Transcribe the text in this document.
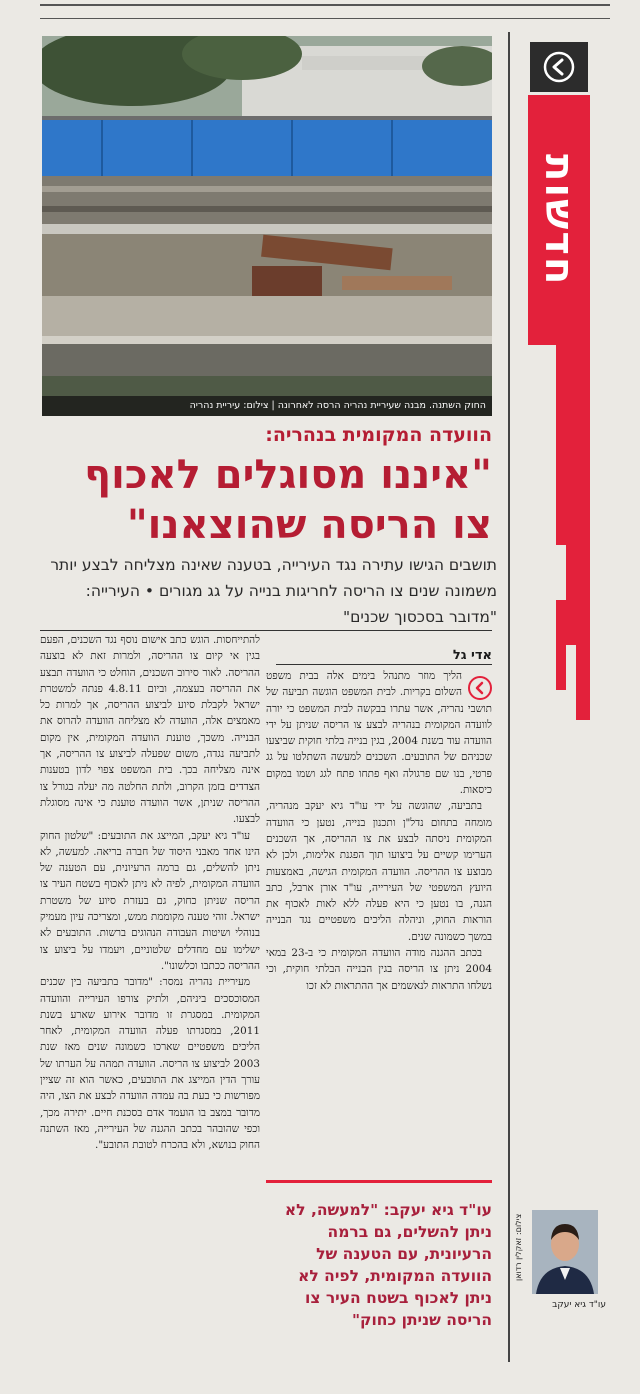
חדשות
החוק השתנה. מבנה שעיריית נהריה הרסה לאחרונה | צילום: עיריית נהריה
הוועדה המקומית בנהריה:
"איננו מסוגלים לאכוף
צו הריסה שהוצאנו"
תושבים הגישו עתירה נגד העירייה, בטענה שאינה מצליחה לבצע יותר משמונה שנים צו הריסה לחריגות בנייה על גג מגורים • העירייה: "מדובר בסכסוך שכנים"
אדי גל

הליך מוזר מתנהל בימים אלה בבית משפט השלום בקריות. לבית המשפט הוגשה תביעה של תושבי נהריה, אשר עתרו בבקשה לבית המשפט כי יורה לוועדה המקומית בנהריה לבצע צו הריסה שניתן על ידי הוועדה עוד בשנת 2004, בגין בנייה בלתי חוקית שביצעו שכניהם של התובעים. השכנים למעשה השתלטו על גג פרטי, בנו שם פרגולה ואף פתחו פתח לגג ושמו במקום כיסאות.

בתביעה, שהוגשה על ידי עו"ד גיא יעקב מנהריה, מומחה בתחום נדל"ן ותכנון בנייה, נטען כי הוועדה המקומית ניסתה לבצע את צו ההריסה, אך השכנים הערימו קשיים על ביצועו תוך הפגנת אלימות, ולכן לא מבוצע צו ההריסה. הוועדה המקומית הגישה, באמצעות היועץ המשפטי של העירייה, עו"ד אורן ארבל, כתב הגנה, בו נטען כי היא פעלה ללא לאות לאכוף את הוראות החוק, וניהלה הליכים משפטיים נגד הבנייה במשך כשמונה שנים.

בכתב ההגנה מודה הוועדה המקומית כי ב-23 במאי 2004 ניתן צו הריסה בגין הבנייה הבלתי חוקית, וכי נשלחו התראות לנאשמים אך ההתראות לא זכו

להתייחסות. הוגש כתב אישום נוסף נגד השכנים, הפעם בגין אי קיום צו ההריסה, ולמרות זאת לא בוצעה ההריסה. לאור סירוב השכנים, הוחלט כי הוועדה תבצע את ההריסה בעצמה, וביום 4.8.11 פנתה למשטרת ישראל לקבלת סיוע לביצוע ההריסה, אך למרות כל מאמצים אלה, הוועדה לא מצליחה הוועדה להרוס את הבנייה. משכך, טוענת הוועדה המקומית, אין מקום לתביעה נגדה, משום שפעלה לביצוע צו ההריסה, אך אינה מצליחה בכך. בית המשפט צפוי לדון בטענות הצדדים בזמן הקרוב, ולתת החלטה מה יעלה בגורל צו ההריסה שניתן, אשר הוועדה טוענת כי אינה מסוגלת לבצעו.

עו"ד גיא יעקב, המייצג את התובעים: "שלטון החוק הינו אחד מאבני היסוד של חברה בריאה. למעשה, לא ניתן להשלים, גם ברמה הרעיונית, עם הטענה של הוועדה המקומית, לפיה לא ניתן לאכוף בשטח העיר צו הריסה שניתן כחוק, גם בעזרת סיוע של משטרת ישראל. זוהי טענה מקוממת ממש, ומצריכה עיון מעמיק בנוהלי ושיטות העבודה הנהוגים ברשות. התובעים לא ישלימו עם מחדלים שלטוניים, ויעמדו על ביצוע צו ההריסה ככתבו וכלשונו".

מעיריית נהריה נמסר: "מדובר בתביעה בין שכנים המסוכסכים ביניהם, ולתיק צורפו העירייה והוועדה המקומית. במסגרת זו מדובר אירוע שארע בשנת 2011, במסגרתו פעלה הוועדה המקומית, לאחר הליכים משפטיים שארכו כשמונה שנים מאז שנת 2003 לביצוע צו הריסה. הוועדה תמהה על הערתו של עורך הדין המייצג את התובעים, כאשר הוא זה שציין מפורשות כי בעת בה עמדה הוועדה לבצע את הצו, היה מדובר במצב בו הועמד אדם בסכנת חיים. יתירה מכך, וכפי שהובהר בכתב ההגנה של העירייה, מאז השתנה החוק בנושא, ולא בהכרח לטובת התובע".

עו"ד גיא יעקב: "למעשה, לא ניתן להשלים, גם ברמה הרעיונית, עם הטענה של הוועדה המקומית, לפיה לא ניתן לאכוף בשטח העיר צו הריסה שניתן כחוק"
צילום: זאקלין רדואן
עו"ד גיא יעקב
